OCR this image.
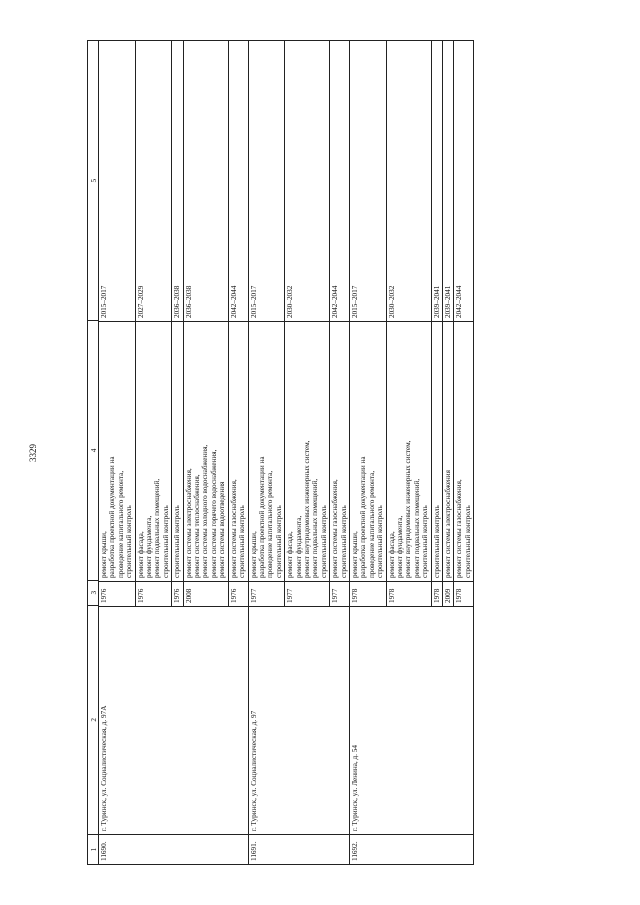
3329
1
2
3
4
5
11690.
г. Туринск, ул. Социалистическая, д. 97А
1976
ремонт крыши, разработка проектной документации на проведение капитального ремонта, строительный контроль
2015–2017
1976
ремонт фасада, ремонт фундамента, ремонт подвальных помещений, строительный контроль
2027–2029
1976
строительный контроль
2036–2038
2008
ремонт системы электроснабжения, ремонт системы теплоснабжения, ремонт системы холодного водоснабжения, ремонт системы горячего водоснабжения, ремонт системы водоотведения
2036–2038
1976
ремонт системы газоснабжения, строительный контроль
2042–2044
11691.
г. Туринск, ул. Социалистическая, д. 97
1977
ремонт крыши, разработка проектной документации на проведение капитального ремонта, строительный контроль
2015–2017
1977
ремонт фасада, ремонт фундамента, ремонт внутридомовых инженерных систем, ремонт подвальных помещений, строительный контроль
2030–2032
1977
ремонт системы газоснабжения, строительный контроль
2042–2044
11692.
г. Туринск, ул. Ленина, д. 54
1978
ремонт крыши, разработка проектной документации на проведение капитального ремонта, строительный контроль
2015–2017
1978
ремонт фасада, ремонт фундамента, ремонт внутридомовых инженерных систем, ремонт подвальных помещений, строительный контроль
2030–2032
1978
строительный контроль
2039–2041
2009
ремонт системы электроснабжения
2039–2041
1978
ремонт системы газоснабжения, строительный контроль
2042–2044
